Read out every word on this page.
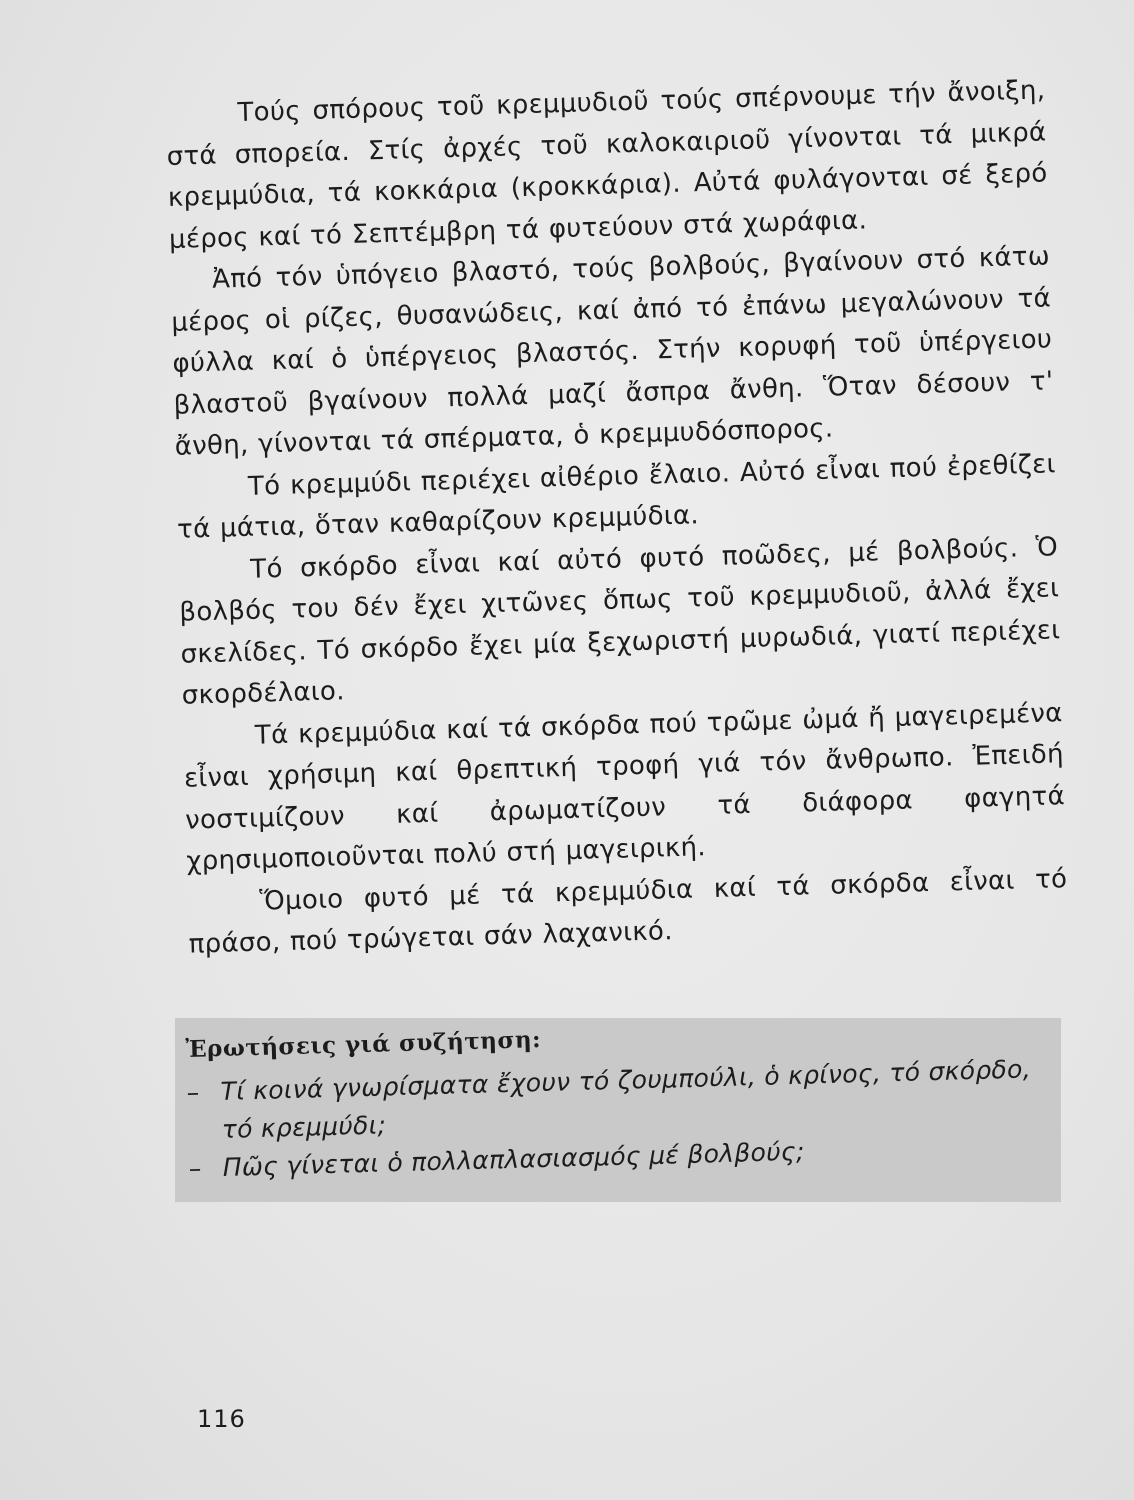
Τούς σπόρους τοῦ κρεμμυδιοῦ τούς σπέρνουμε τήν ἄνοιξη, στά σπορεία. Στίς ἀρχές τοῦ καλοκαιριοῦ γίνονται τά μικρά κρεμμύδια, τά κοκκάρια (κροκκάρια). Αὐτά φυλάγονται σέ ξερό μέρος καί τό Σεπτέμβρη τά φυτεύουν στά χωράφια.

Ἀπό τόν ὑπόγειο βλαστό, τούς βολβούς, βγαίνουν στό κάτω μέρος οἱ ρίζες, θυσανώδεις, καί ἀπό τό ἐπάνω μεγαλώνουν τά φύλλα καί ὁ ὑπέργειος βλαστός. Στήν κορυφή τοῦ ὑπέργειου βλαστοῦ βγαίνουν πολλά μαζί ἄσπρα ἄνθη. Ὅταν δέσουν τ' ἄνθη, γίνονται τά σπέρματα, ὁ κρεμμυδόσπορος.

Τό κρεμμύδι περιέχει αἰθέριο ἔλαιο. Αὐτό εἶναι πού ἐρεθίζει τά μάτια, ὅταν καθαρίζουν κρεμμύδια.

Τό σκόρδο εἶναι καί αὐτό φυτό ποῶδες, μέ βολβούς. Ὁ βολβός του δέν ἔχει χιτῶνες ὅπως τοῦ κρεμμυδιοῦ, ἀλλά ἔχει σκελίδες. Τό σκόρδο ἔχει μία ξεχωριστή μυρωδιά, γιατί περιέχει σκορδέλαιο.

Τά κρεμμύδια καί τά σκόρδα πού τρῶμε ὠμά ἤ μαγειρεμένα εἶναι χρήσιμη καί θρεπτική τροφή γιά τόν ἄνθρωπο. Ἐπειδή νοστιμίζουν καί ἀρωματίζουν τά διάφορα φαγητά χρησιμοποιοῦνται πολύ στή μαγειρική.

Ὅμοιο φυτό μέ τά κρεμμύδια καί τά σκόρδα εἶναι τό πράσο, πού τρώγεται σάν λαχανικό.

Ἐρωτήσεις γιά συζήτηση:

– Τί κοινά γνωρίσματα ἔχουν τό ζουμπούλι, ὁ κρίνος, τό σκόρδο, τό κρεμμύδι;

– Πῶς γίνεται ὁ πολλαπλασιασμός μέ βολβούς;

116
